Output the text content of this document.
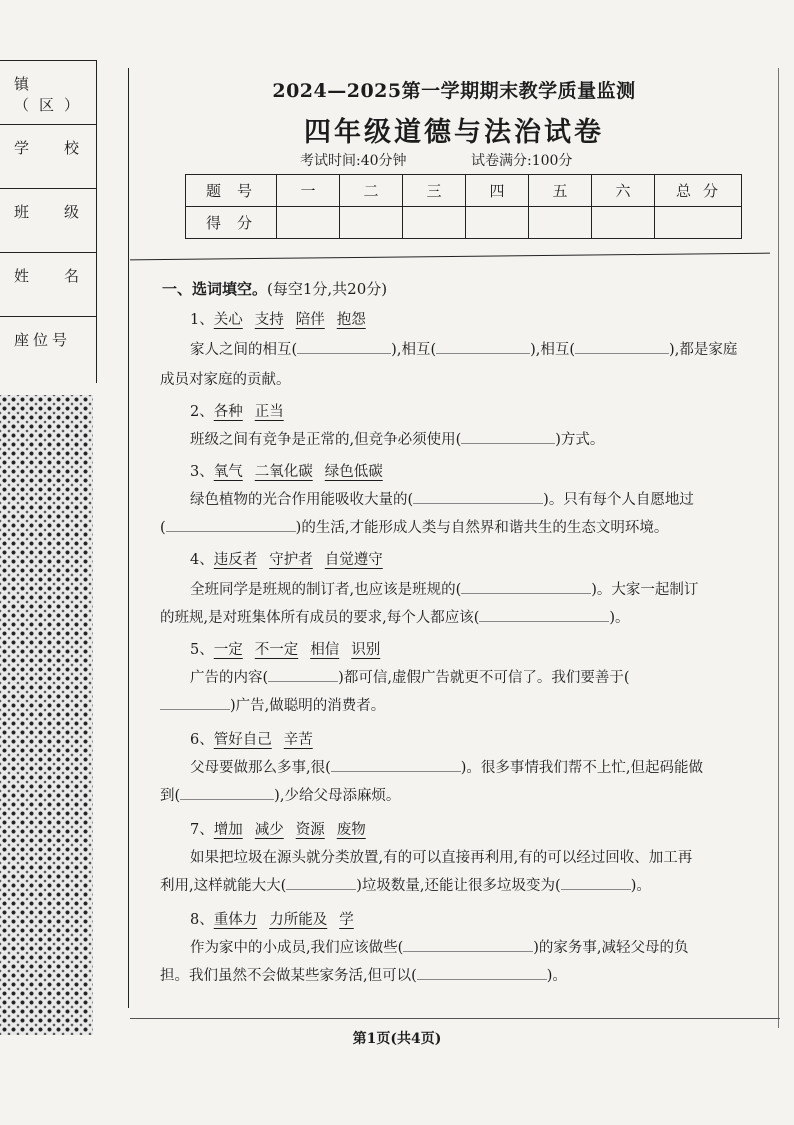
镇（区）
学　校
班　级
姓　名
座位号
2024—2025第一学期期末教学质量监测
四年级道德与法治试卷
考试时间:40分钟	试卷满分:100分
题号	一	二	三	四	五	六	总分
得分							
一、选词填空。(每空1分,共20分)
1、关心 支持 陪伴 抱怨
家人之间的相互(	),相互(	),相互(	),都是家庭
成员对家庭的贡献。
2、各种 正当
班级之间有竞争是正常的,但竞争必须使用(	)方式。
3、氧气 二氧化碳 绿色低碳
绿色植物的光合作用能吸收大量的(	)。只有每个人自愿地过
(	)的生活,才能形成人类与自然界和谐共生的生态文明环境。
4、违反者 守护者 自觉遵守
全班同学是班规的制订者,也应该是班规的(	)。大家一起制订
的班规,是对班集体所有成员的要求,每个人都应该(	)。
5、一定 不一定 相信 识别
广告的内容(	)都可信,虚假广告就更不可信了。我们要善于(
)广告,做聪明的消费者。
6、管好自己 辛苦
父母要做那么多事,很(	)。很多事情我们帮不上忙,但起码能做
到(	),少给父母添麻烦。
7、增加 减少 资源 废物
如果把垃圾在源头就分类放置,有的可以直接再利用,有的可以经过回收、加工再
利用,这样就能大大(	)垃圾数量,还能让很多垃圾变为(	)。
8、重体力 力所能及 学
作为家中的小成员,我们应该做些(	)的家务事,减轻父母的负
担。我们虽然不会做某些家务活,但可以(	)。
第1页(共4页)
